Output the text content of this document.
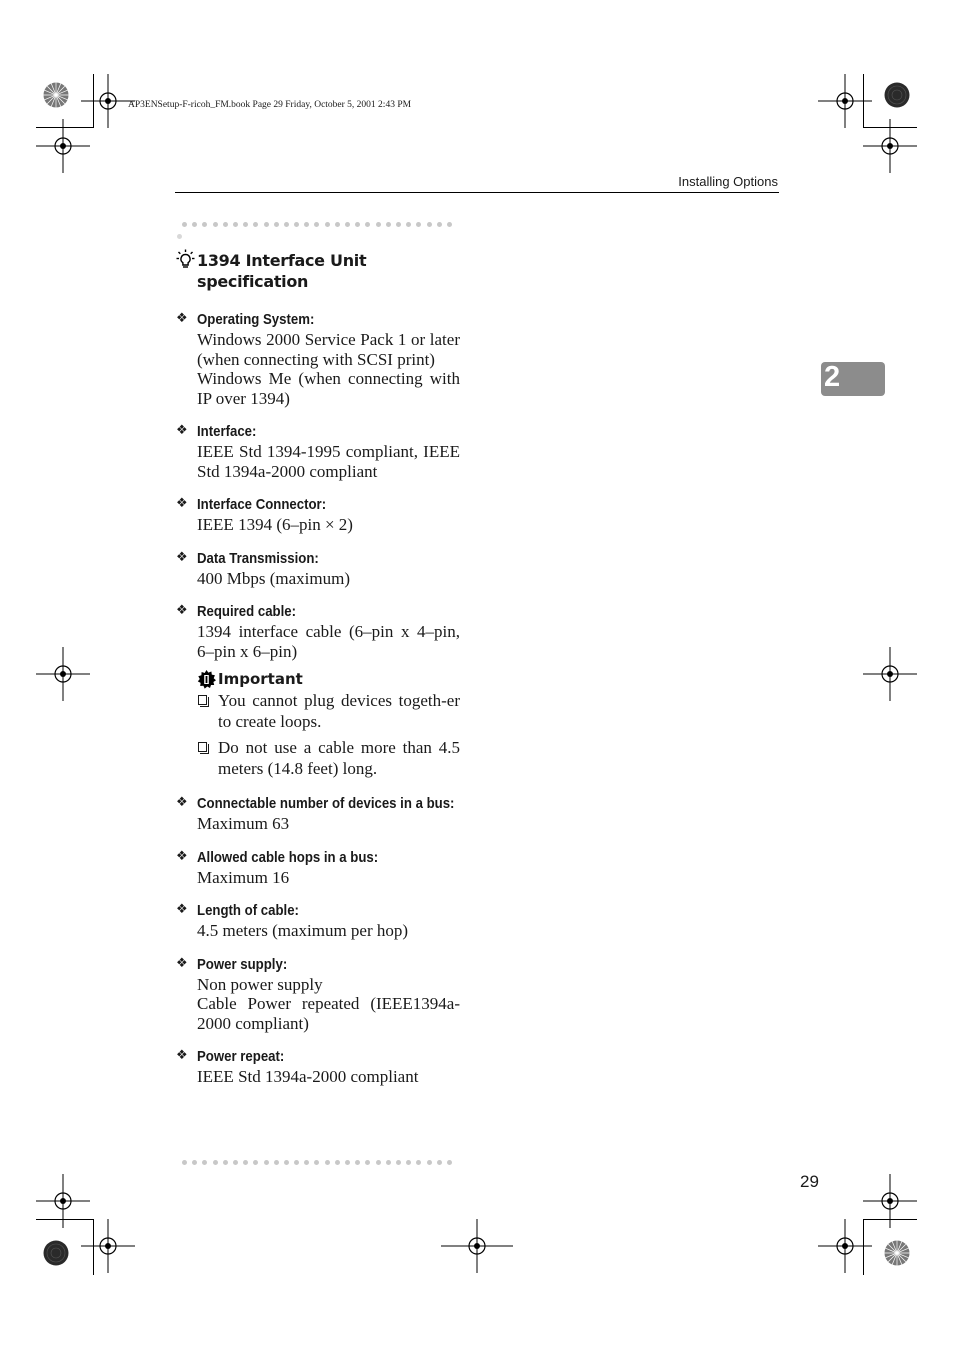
AP3ENSetup-F-ricoh_FM.book Page 29 Friday, October 5, 2001 2:43 PM
Installing Options
2
1394 Interface Unit specification
❖ Operating System:
Windows 2000 Service Pack 1 or later (when connecting with SCSI print)
Windows Me (when connecting with IP over 1394)
❖ Interface:
IEEE Std 1394-1995 compliant, IEEE Std 1394a-2000 compliant
❖ Interface Connector:
IEEE 1394 (6–pin × 2)
❖ Data Transmission:
400 Mbps (maximum)
❖ Required cable:
1394 interface cable (6–pin x 4–pin, 6–pin x 6–pin)
Important
You cannot plug devices togeth-er to create loops.
Do not use a cable more than 4.5 meters (14.8 feet) long.
❖ Connectable number of devices in a bus:
Maximum 63
❖ Allowed cable hops in a bus:
Maximum 16
❖ Length of cable:
4.5 meters (maximum per hop)
❖ Power supply:
Non power supply
Cable Power repeated (IEEE1394a-2000 compliant)
❖ Power repeat:
IEEE Std 1394a-2000 compliant
29
